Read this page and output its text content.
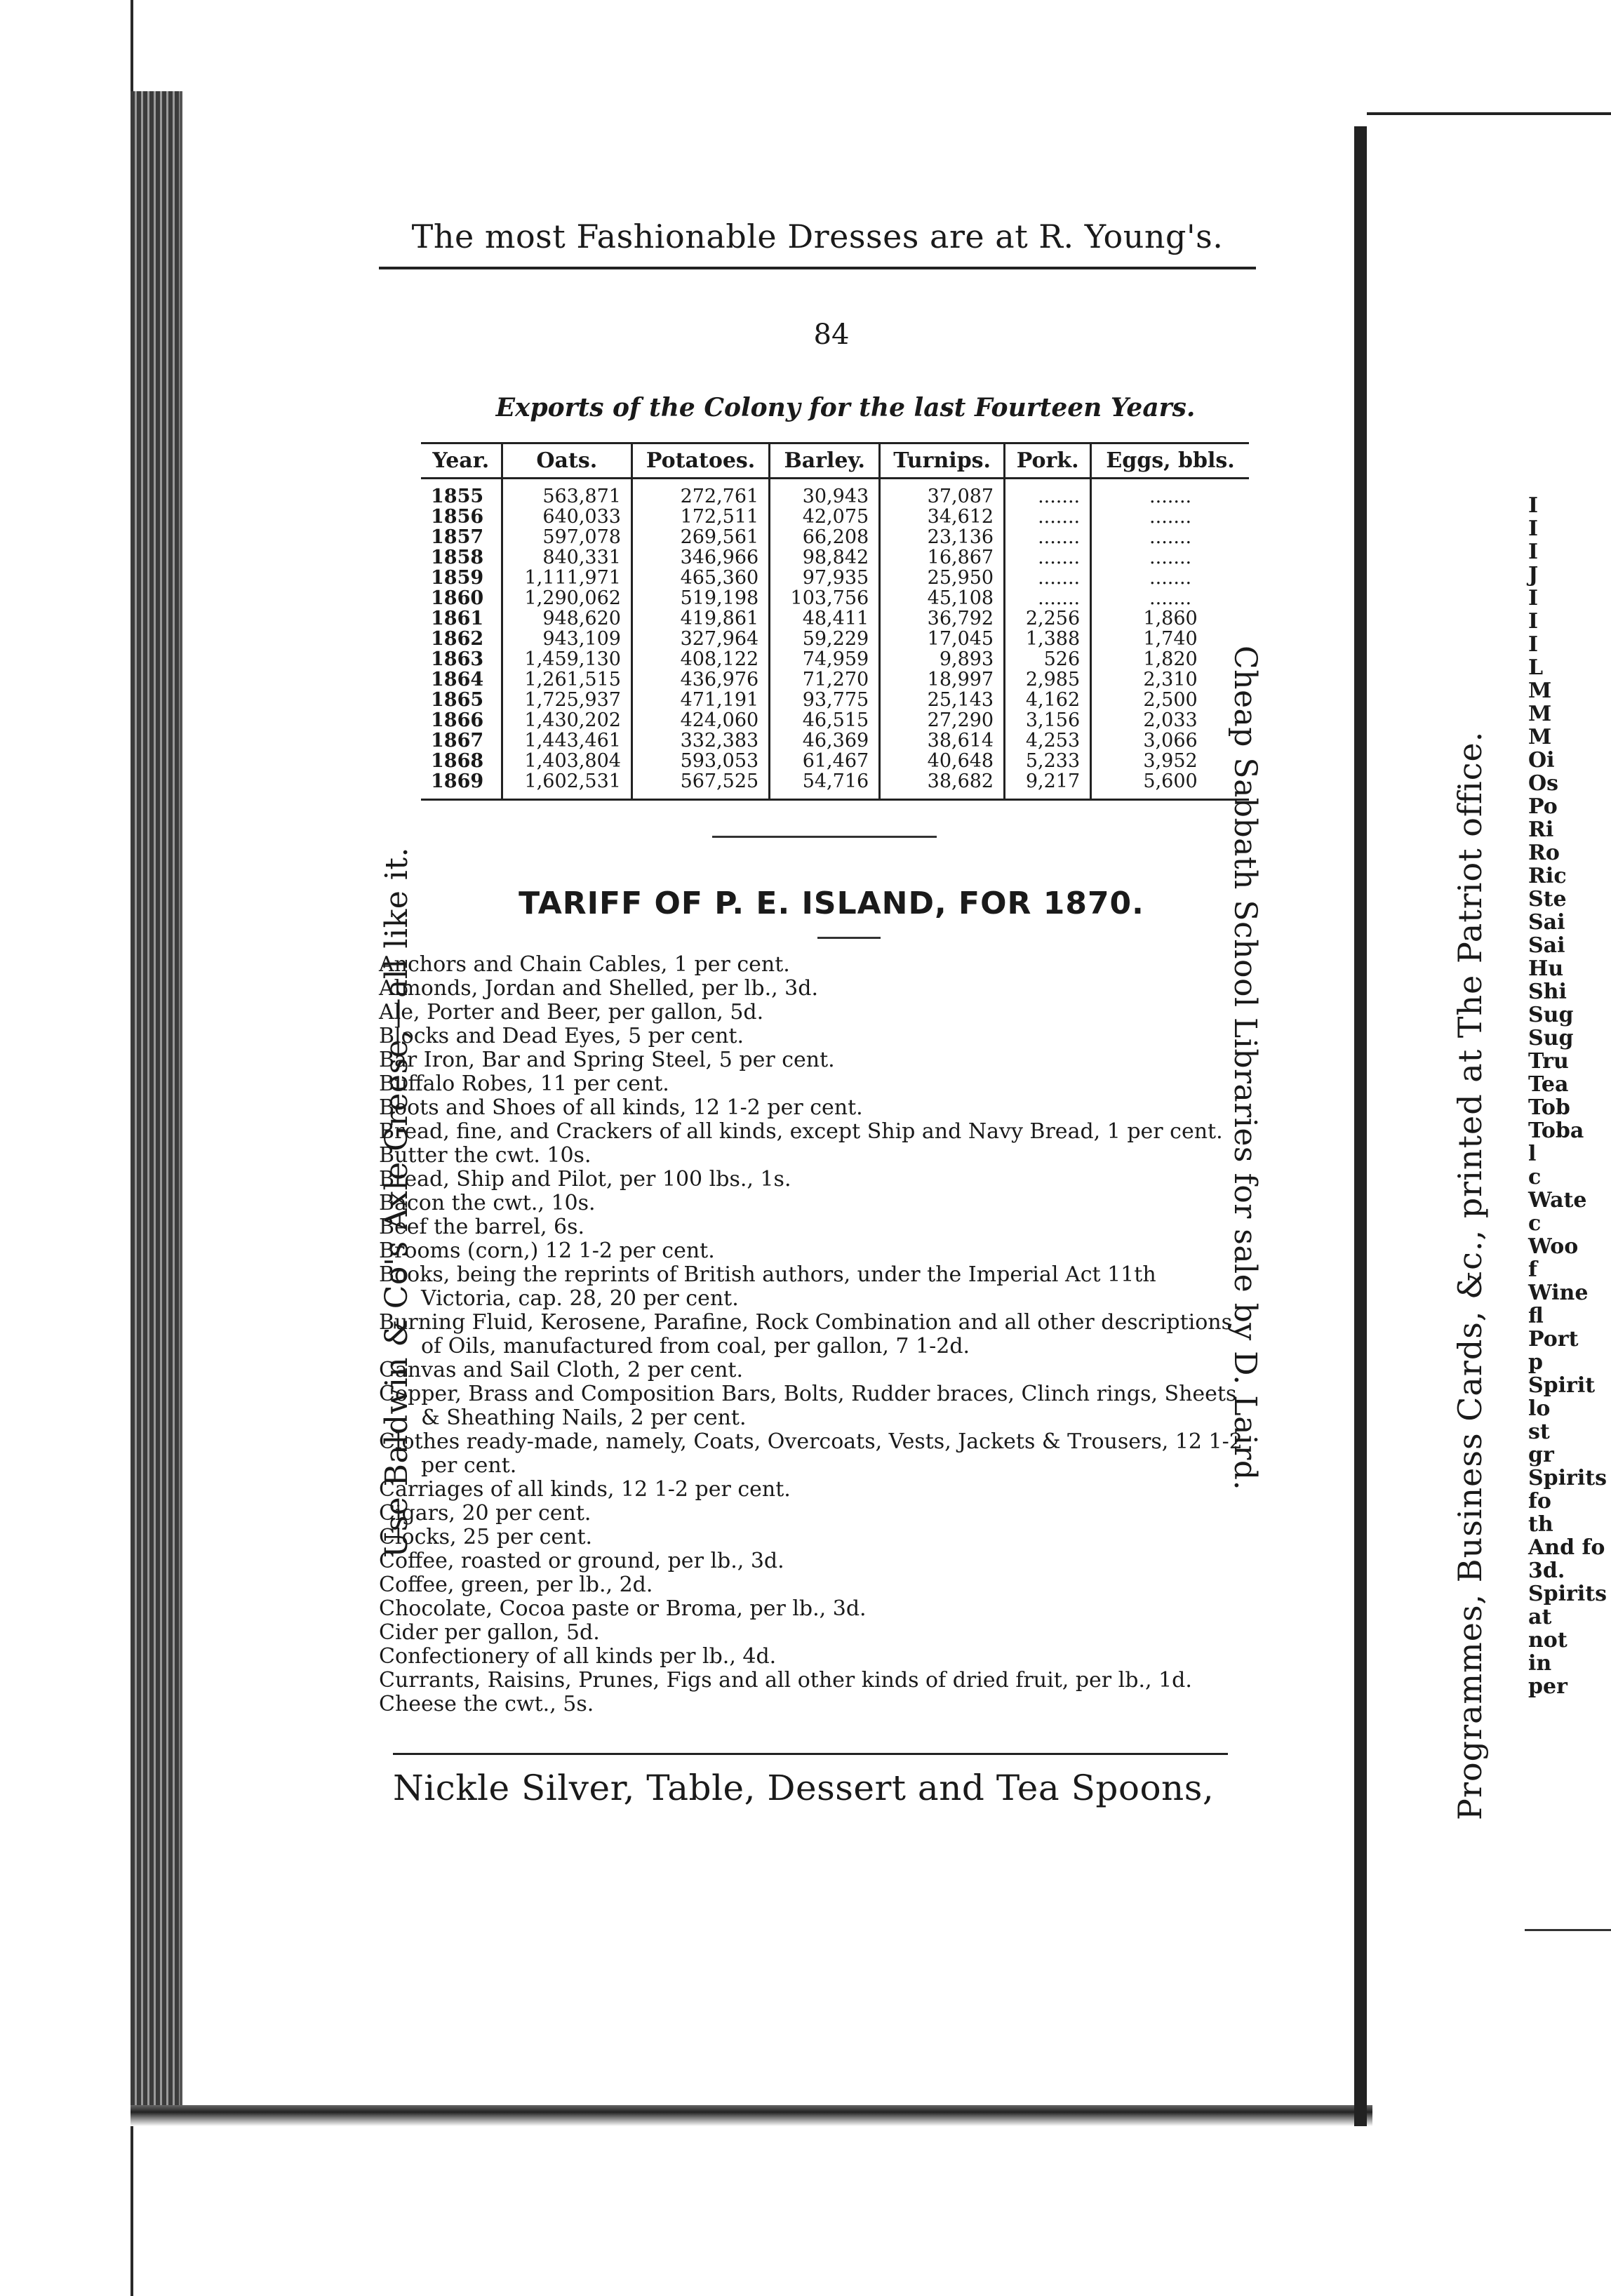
The most Fashionable Dresses are at R. Young's.
84
Exports of the Colony for the last Fourteen Years.
Year.	Oats.	Potatoes.	Barley.	Turnips.	Pork.	Eggs, bbls.
1855	563,871	272,761	30,943	37,087	.......	.......
1856	640,033	172,511	42,075	34,612	.......	.......
1857	597,078	269,561	66,208	23,136	.......	.......
1858	840,331	346,966	98,842	16,867	.......	.......
1859	1,111,971	465,360	97,935	25,950	.......	.......
1860	1,290,062	519,198	103,756	45,108	.......	.......
1861	948,620	419,861	48,411	36,792	2,256	1,860
1862	943,109	327,964	59,229	17,045	1,388	1,740
1863	1,459,130	408,122	74,959	9,893	526	1,820
1864	1,261,515	436,976	71,270	18,997	2,985	2,310
1865	1,725,937	471,191	93,775	25,143	4,162	2,500
1866	1,430,202	424,060	46,515	27,290	3,156	2,033
1867	1,443,461	332,383	46,369	38,614	4,253	3,066
1868	1,403,804	593,053	61,467	40,648	5,233	3,952
1869	1,602,531	567,525	54,716	38,682	9,217	5,600
TARIFF OF P. E. ISLAND, FOR 1870.
Anchors and Chain Cables, 1 per cent.
Almonds, Jordan and Shelled, per lb., 3d.
Ale, Porter and Beer, per gallon, 5d.
Blocks and Dead Eyes, 5 per cent.
Bar Iron, Bar and Spring Steel, 5 per cent.
Buffalo Robes, 11 per cent.
Boots and Shoes of all kinds, 12 1-2 per cent.
Bread, fine, and Crackers of all kinds, except Ship and Navy Bread, 1 per cent.
Butter the cwt. 10s.
Bread, Ship and Pilot, per 100 lbs., 1s.
Bacon the cwt., 10s.
Beef the barrel, 6s.
Brooms (corn,) 12 1-2 per cent.
Books, being the reprints of British authors, under the Imperial Act 11th Victoria, cap. 28, 20 per cent.
Burning Fluid, Kerosene, Parafine, Rock Combination and all other descriptions of Oils, manufactured from coal, per gallon, 7 1-2d.
Canvas and Sail Cloth, 2 per cent.
Copper, Brass and Composition Bars, Bolts, Rudder braces, Clinch rings, Sheets & Sheathing Nails, 2 per cent.
Clothes ready-made, namely, Coats, Overcoats, Vests, Jackets & Trousers, 12 1-2 per cent.
Carriages of all kinds, 12 1-2 per cent.
Cigars, 20 per cent.
Clocks, 25 per cent.
Coffee, roasted or ground, per lb., 3d.
Coffee, green, per lb., 2d.
Chocolate, Cocoa paste or Broma, per lb., 3d.
Cider per gallon, 5d.
Confectionery of all kinds per lb., 4d.
Currants, Raisins, Prunes, Figs and all other kinds of dried fruit, per lb., 1d.
Cheese the cwt., 5s.
Nickle Silver, Table, Dessert and Tea Spoons,
Use Baldwin & Co's Axle Greese,—all like it.	Cheap Sabbath School Libraries for sale by D. Laird.	Programmes, Business Cards, &c., printed at The Patriot office.
I
I
I
J
I
I
I
L
M
M
M
Oi
Os
Po
Ri
Ro
Ric
Ste
Sai
Sai
Hu
Shi
Sug
Sug
Tru
Tea
Tob
Toba
l
c
Wate
c
Woo
f
Wine
fl
Port
p
Spirit
lo
st
gr
Spirits
fo
th
And fo
3d.
Spirits
at
not
in
per
